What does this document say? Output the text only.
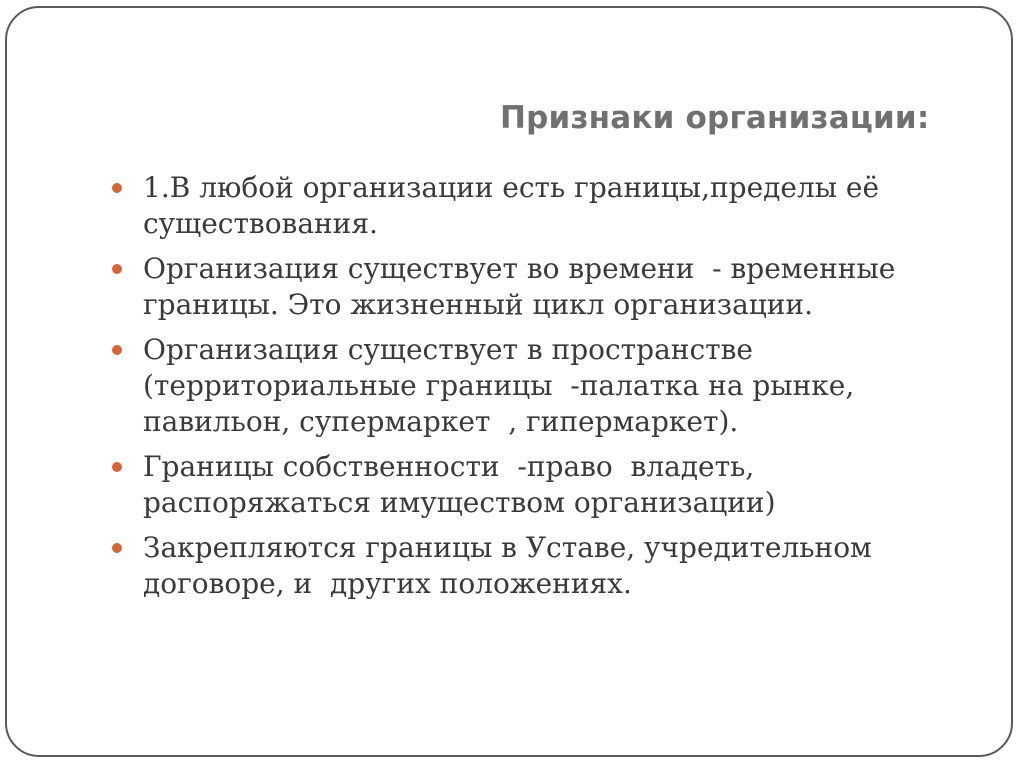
Признаки организации:
1.В любой организации есть границы,пределы её
существования.
Организация существует во времени  - временные
границы. Это жизненный цикл организации.
Организация существует в пространстве
(территориальные границы  -палатка на рынке,
павильон, супермаркет  , гипермаркет).
Границы собственности  -право  владеть,
распоряжаться имуществом организации)
Закрепляются границы в Уставе, учредительном
договоре, и  других положениях.
